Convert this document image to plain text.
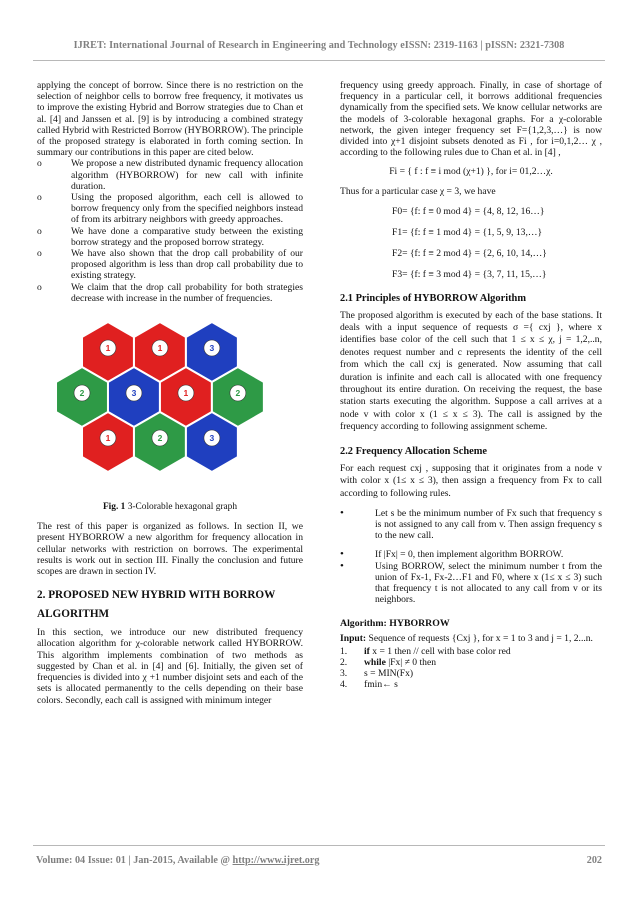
IJRET: International Journal of Research in Engineering and Technology eISSN: 2319-1163 | pISSN: 2321-7308

applying the concept of borrow. Since there is no restriction on the selection of neighbor cells to borrow free frequency, it motivates us to improve the existing Hybrid and Borrow strategies due to Chan et al. [4] and Janssen et al. [9] is by introducing a combined strategy called Hybrid with Restricted Borrow (HYBORROW). The principle of the proposed strategy is elaborated in forth coming section. In summary our contributions in this paper are cited below.

o	We propose a new distributed dynamic frequency allocation algorithm (HYBORROW) for new call with infinite duration.
o	Using the proposed algorithm, each cell is allowed to borrow frequency only from the specified neighbors instead of from its arbitrary neighbors with greedy approaches.
o	We have done a comparative study between the existing borrow strategy and the proposed borrow strategy.
o	We have also shown that the drop call probability of our proposed algorithm is less than drop call probability due to existing strategy.
o	We claim that the drop call probability for both strategies decrease with increase in the number of frequencies.
1	1	3
2	3	1	2
1	2	3
Fig. 1 3-Colorable hexagonal graph

The rest of this paper is organized as follows. In section II, we present HYBORROW a new algorithm for frequency allocation in cellular networks with restriction on borrows. The experimental results is work out in section III. Finally the conclusion and future scopes are drawn in section IV.

2. PROPOSED NEW HYBRID WITH BORROW
ALGORITHM

In this section, we introduce our new distributed frequency allocation algorithm for χ-colorable network called HYBORROW. This algorithm implements combination of two methods as suggested by Chan et al. in [4] and [6]. Initially, the given set of frequencies is divided into χ +1 number disjoint sets and each of the sets is allocated permanently to the cells depending on their base colors. Secondly, each call is assigned with minimum integer

frequency using greedy approach. Finally, in case of shortage of frequency in a particular cell, it borrows additional frequencies dynamically from the specified sets. We know cellular networks are the models of 3-colorable hexagonal graphs. For a χ-colorable network, the given integer frequency set F={1,2,3,…} is now divided into χ+1 disjoint subsets denoted as Fi , for i=0,1,2… χ , according to the following rules due to Chan et al. in [4] ,

Fi = { f : f ≡ i mod (χ+1) }, for i= 01,2…χ.

Thus for a particular case χ = 3, we have

F0= {f: f ≡ 0 mod 4} = {4, 8, 12, 16…}
F1= {f: f ≡ 1 mod 4} = {1, 5, 9, 13,…}
F2= {f: f ≡ 2 mod 4} = {2, 6, 10, 14,…}
F3= {f: f ≡ 3 mod 4} = {3, 7, 11, 15,…}
2.1 Principles of HYBORROW Algorithm

The proposed algorithm is executed by each of the base stations. It deals with a input sequence of requests σ ={ cxj }, where x identifies base color of the cell such that 1 ≤ x ≤ χ, j = 1,2,..n, denotes request number and c represents the identity of the cell from which the call cxj is generated. Now assuming that call duration is infinite and each call is allocated with one frequency throughout its entire duration. On receiving the request, the base station starts executing the algorithm. Suppose a call arrives at a node v with color x (1 ≤ x ≤ 3). The call is assigned by the frequency according to following assignment scheme.

2.2 Frequency Allocation Scheme

For each request cxj , supposing that it originates from a node v with color x (1≤ x ≤ 3), then assign a frequency from Fx to call according to following rules.

•	Let s be the minimum number of Fx such that frequency s is not assigned to any call from v. Then assign frequency s to the new call.
•	If |Fx| = 0, then implement algorithm BORROW.
•	Using BORROW, select the minimum number t from the union of Fx-1, Fx-2…F1 and F0, where x (1≤ x ≤ 3) such that frequency t is not allocated to any call from v or its neighbors.
Algorithm: HYBORROW

Input: Sequence of requests {Cxj }, for x = 1 to 3 and j = 1, 2...n.

1.	if x = 1 then // cell with base color red
2.	while |Fx| ≠ 0 then
3.	s = MIN(Fx)
4.	fmin← s
Volume: 04 Issue: 01 | Jan-2015, Available @ http://www.ijret.org	202
